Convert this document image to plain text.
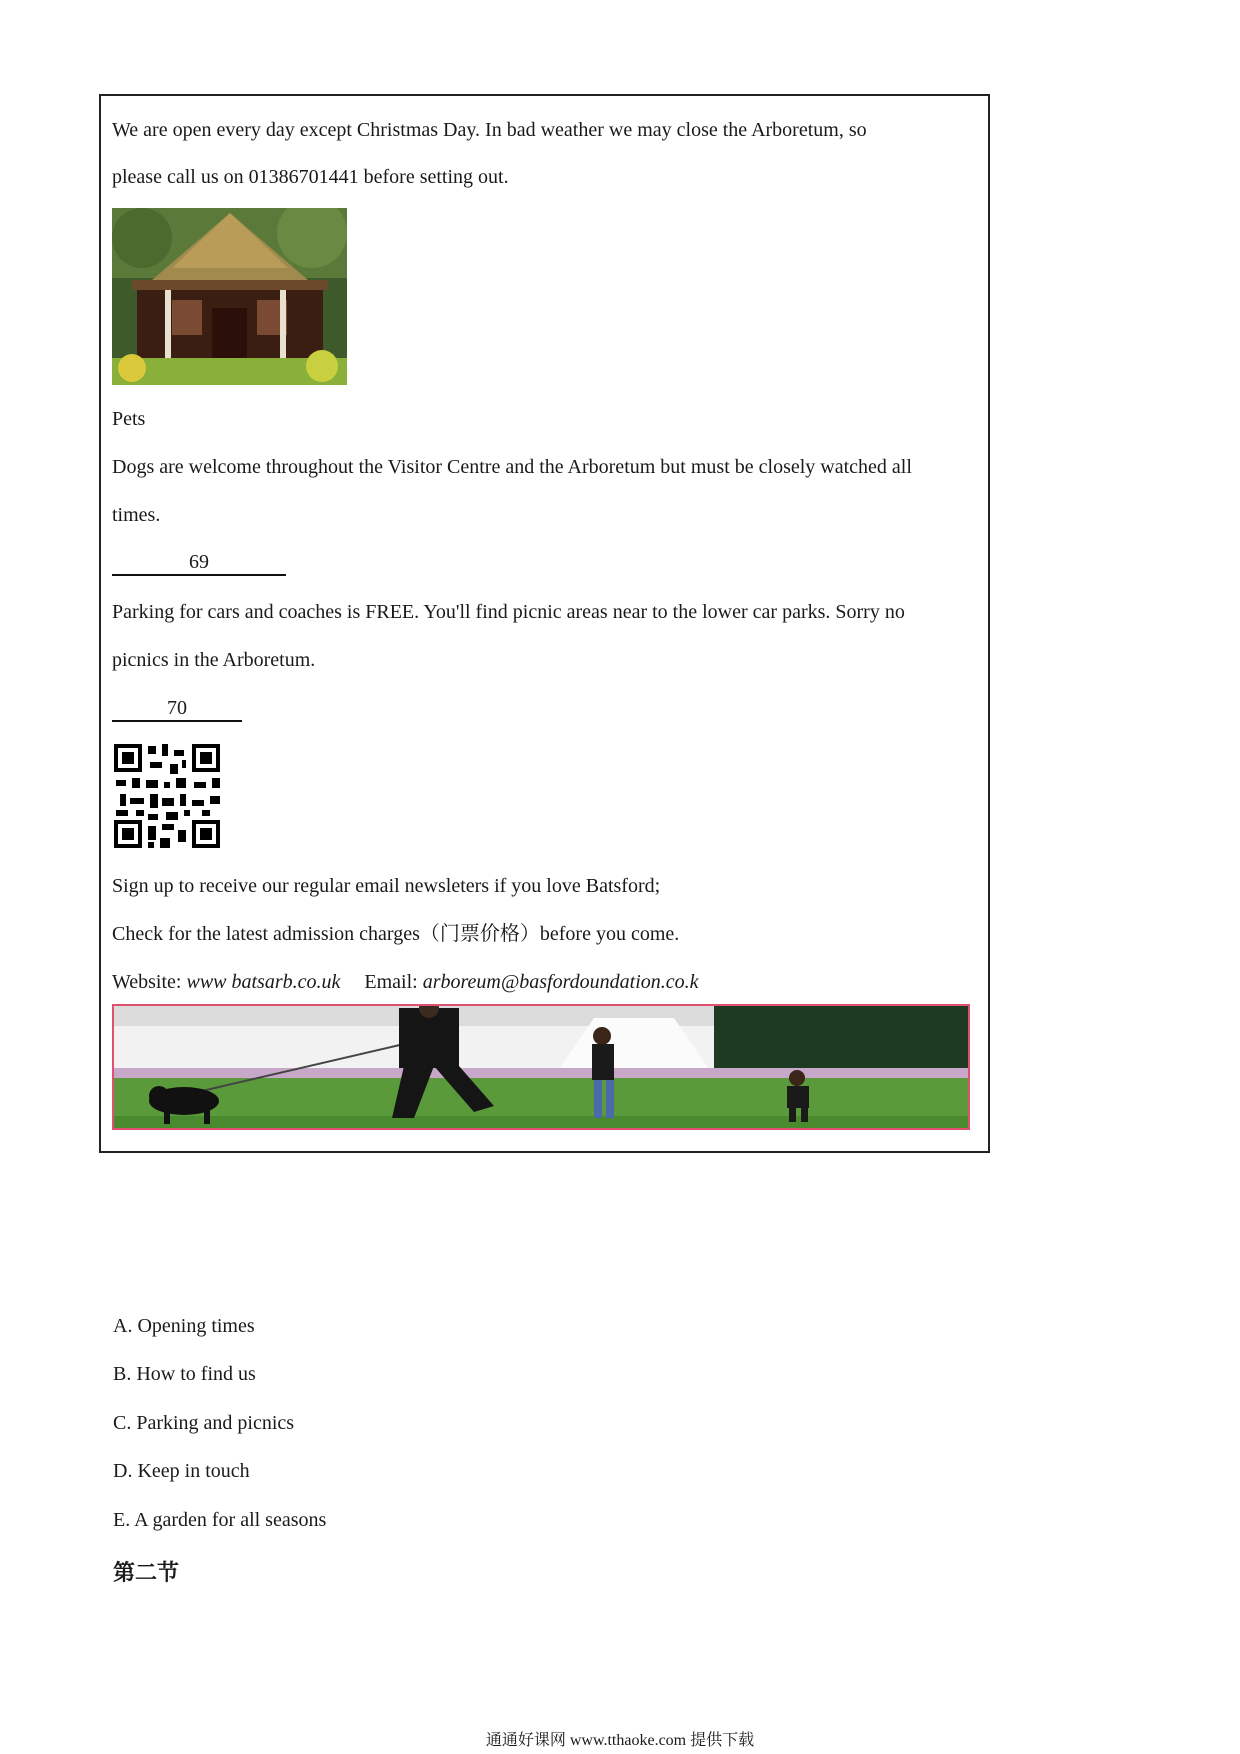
We are open every day except Christmas Day. In bad weather we may close the Arboretum, so
please call us on 01386701441 before setting out.
Pets
Dogs are welcome throughout the Visitor Centre and the Arboretum but must be closely watched all
times.
69
Parking for cars and coaches is FREE. You'll find picnic areas near to the lower car parks. Sorry no
picnics in the Arboretum.
70
Sign up to receive our regular email newsleters if you love Batsford;
Check for the latest admission charges（门票价格）before you come.
Website: www batsarb.co.uk Email: arboreum@basfordoundation.co.k
A. Opening times
B. How to find us
C. Parking and picnics
D. Keep in touch
E. A garden for all seasons
第二节
通通好课网 www.tthaoke.com 提供下载
